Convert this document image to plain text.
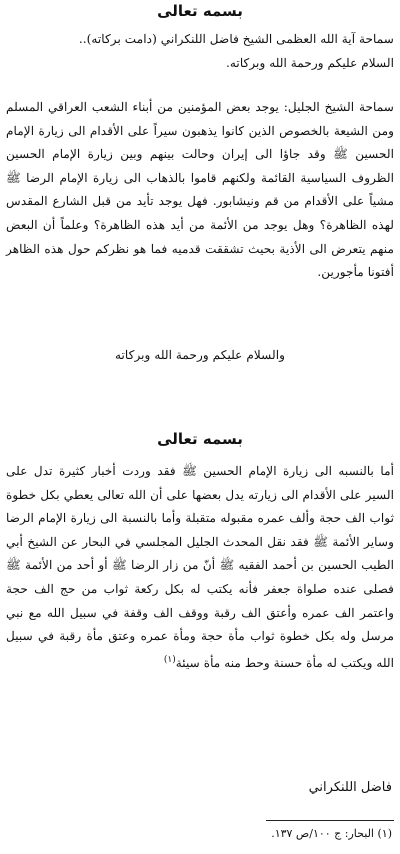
بسمه تعالى
سماحة آية الله العظمى الشيخ فاضل اللنكراني (دامت بركاته)..
السلام عليكم ورحمة الله وبركاته.
سماحة الشيخ الجليل: يوجد بعض المؤمنين من أبناء الشعب العراقي المسلم ومن الشيعة بالخصوص الذين كانوا يذهبون سيراً على الأقدام الى زيارة الإمام الحسين ﷺ وقد جاؤا الى إيران وحالت بينهم وبين زيارة الإمام الحسين الظروف السياسية القائمة ولكنهم قاموا بالذهاب الى زيارة الإمام الرضا ﷺ مشياً على الأقدام من قم ونيشابور. فهل يوجد تأيد من قبل الشارع المقدس لهذه الظاهرة؟ وهل يوجد من الأئمة من أيد هذه الظاهرة؟ وعلماً أن البعض منهم يتعرض الى الأذية بحيث تشققت قدميه فما هو نظركم حول هذه الظاهر أفتونا مأجورين.
والسلام عليكم ورحمة الله وبركاته
بسمه تعالى
أما بالنسبه الى زيارة الإمام الحسين ﷺ فقد وردت أخبار كثيرة تدل على السير على الأقدام الى زيارته يدل بعضها على أن الله تعالى يعطي بكل خطوة ثواب الف حجة وألف عمره مقبوله متقبلة وأما بالنسبة الى زيارة الإمام الرضا وساير الأئمة ﷺ فقد نقل المحدث الجليل المجلسي في البحار عن الشيخ أبي الطيب الحسين بن أحمد الفقيه ﷺ أنّ من زار الرضا ﷺ أو أحد من الأئمة ﷺ فصلى عنده صلواة جعفر فأنه يكتب له بكل ركعة ثواب من حج الف حجة واعتمر الف عمره وأعتق الف رقبة ووقف الف وقفة في سبيل الله مع نبي مرسل وله بكل خطوة ثواب مأة حجة ومأة عمره وعتق مأة رقبة في سبيل الله ويكتب له مأة حسنة وحط منه مأة سيئة$^{(١)}$
فاضل اللنكراني
(١) البحار: ج ١٠٠/ص ١٣٧.
